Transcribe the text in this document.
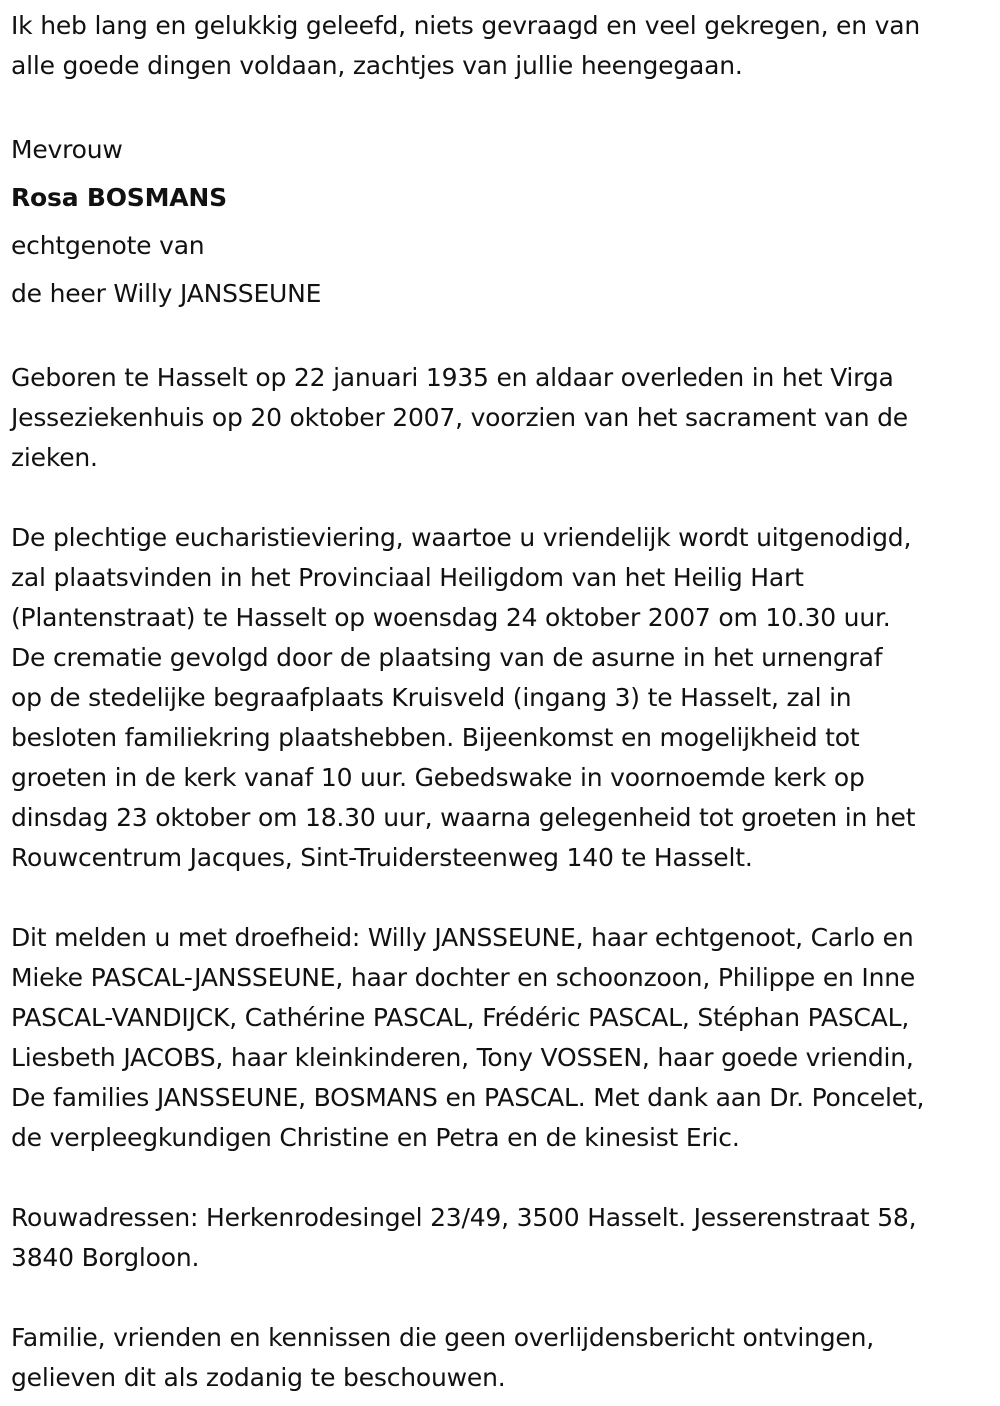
Ik heb lang en gelukkig geleefd, niets gevraagd en veel gekregen, en van
alle goede dingen voldaan, zachtjes van jullie heengegaan.

Mevrouw

Rosa BOSMANS

echtgenote van

de heer Willy JANSSEUNE

Geboren te Hasselt op 22 januari 1935 en aldaar overleden in het Virga
Jesseziekenhuis op 20 oktober 2007, voorzien van het sacrament van de
zieken.

De plechtige eucharistieviering, waartoe u vriendelijk wordt uitgenodigd,
zal plaatsvinden in het Provinciaal Heiligdom van het Heilig Hart
(Plantenstraat) te Hasselt op woensdag 24 oktober 2007 om 10.30 uur.
De crematie gevolgd door de plaatsing van de asurne in het urnengraf
op de stedelijke begraafplaats Kruisveld (ingang 3) te Hasselt, zal in
besloten familiekring plaatshebben. Bijeenkomst en mogelijkheid tot
groeten in de kerk vanaf 10 uur. Gebedswake in voornoemde kerk op
dinsdag 23 oktober om 18.30 uur, waarna gelegenheid tot groeten in het
Rouwcentrum Jacques, Sint-Truidersteenweg 140 te Hasselt.

Dit melden u met droefheid: Willy JANSSEUNE, haar echtgenoot, Carlo en
Mieke PASCAL-JANSSEUNE, haar dochter en schoonzoon, Philippe en Inne
PASCAL-VANDIJCK, Cathérine PASCAL, Frédéric PASCAL, Stéphan PASCAL,
Liesbeth JACOBS, haar kleinkinderen, Tony VOSSEN, haar goede vriendin,
De families JANSSEUNE, BOSMANS en PASCAL. Met dank aan Dr. Poncelet,
de verpleegkundigen Christine en Petra en de kinesist Eric.

Rouwadressen: Herkenrodesingel 23/49, 3500 Hasselt. Jesserenstraat 58,
3840 Borgloon.

Familie, vrienden en kennissen die geen overlijdensbericht ontvingen,
gelieven dit als zodanig te beschouwen.
